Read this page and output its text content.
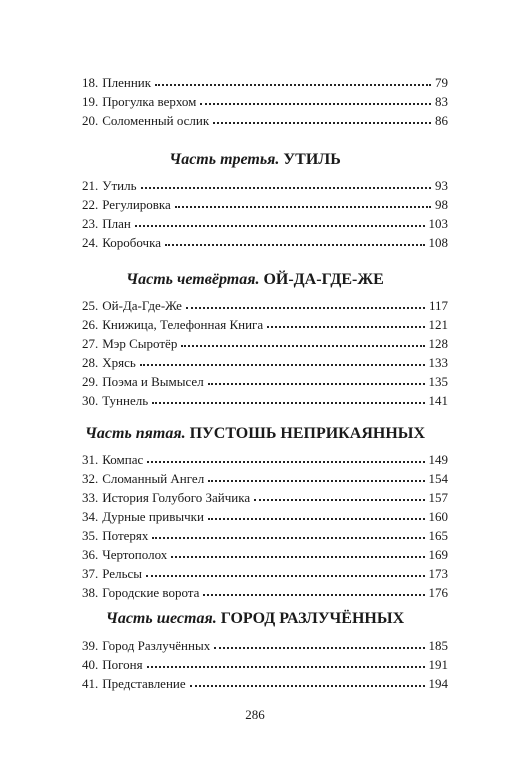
18. Пленник	79
19. Прогулка верхом	83
20. Соломенный ослик	86
Часть третья. УТИЛЬ
21. Утиль	93
22. Регулировка	98
23. План	103
24. Коробочка	108
Часть четвёртая. ОЙ-ДА-ГДЕ-ЖЕ
25. Ой-Да-Где-Же	117
26. Книжица, Телефонная Книга	121
27. Мэр Сыротёр	128
28. Хрясь	133
29. Поэма и Вымысел	135
30. Туннель	141
Часть пятая. ПУСТОШЬ НЕПРИКАЯННЫХ
31. Компас	149
32. Сломанный Ангел	154
33. История Голубого Зайчика	157
34. Дурные привычки	160
35. Потерях	165
36. Чертополох	169
37. Рельсы	173
38. Городские ворота	176
Часть шестая. ГОРОД РАЗЛУЧЁННЫХ
39. Город Разлучённых	185
40. Погоня	191
41. Представление	194
286
